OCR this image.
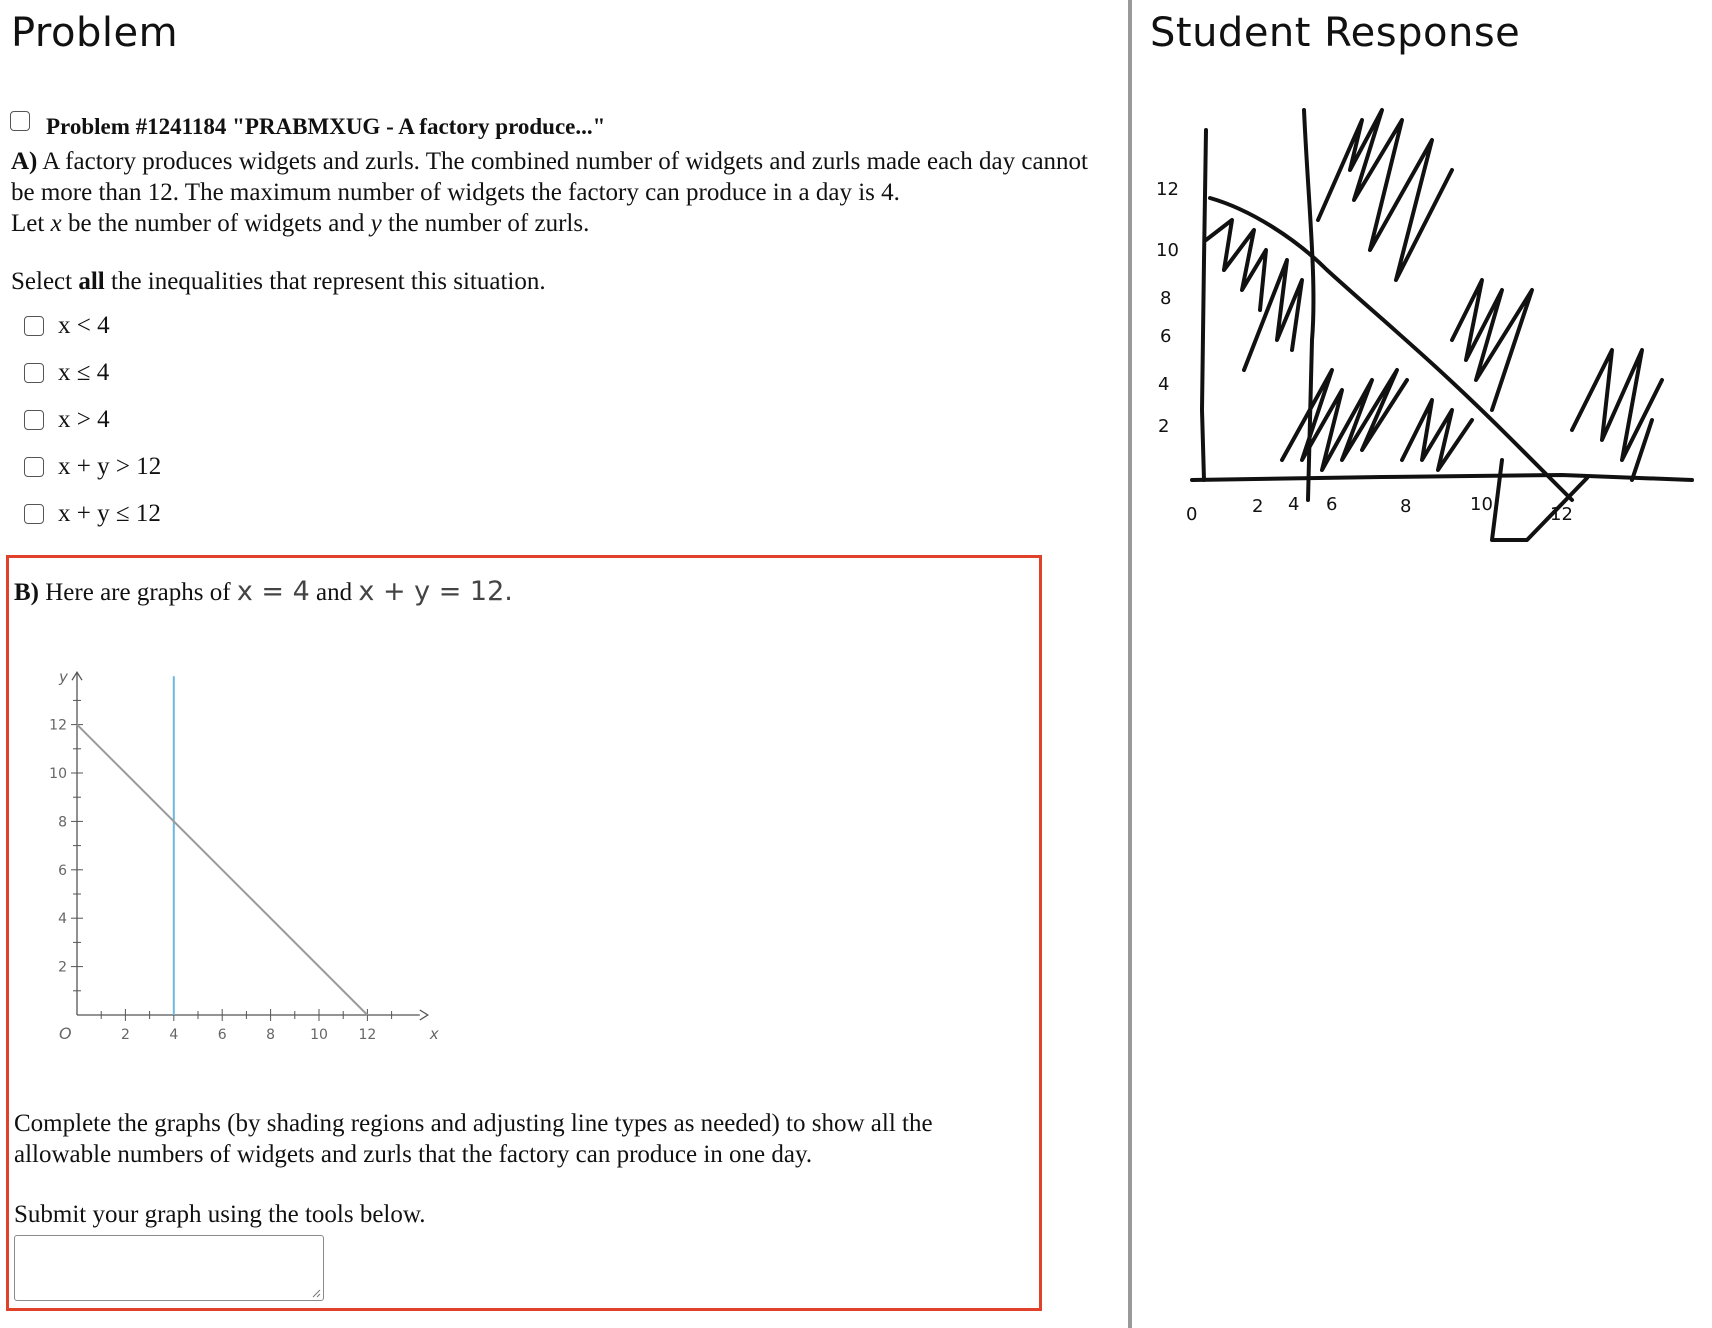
Problem
Problem #1241184 "PRABMXUG - A factory produce..."

A) A factory produces widgets and zurls. The combined number of widgets and zurls made each day cannot

be more than 12. The maximum number of widgets the factory can produce in a day is 4.

Let x be the number of widgets and y the number of zurls.

Select all the inequalities that represent this situation.
x < 4
x ≤ 4
x > 4
x + y > 12
x + y ≤ 12
B) Here are graphs of x = 4 and x + y = 12.
2	4	6	8	10 12
2
4
6
8
10
12
x
y
O
Complete the graphs (by shading regions and adjusting line types as needed) to show all the allowable numbers of widgets and zurls that the factory can produce in one day.
Submit your graph using the tools below.
Student Response
12
10
8
6
4
2
0	2 4 6	8	10	12
